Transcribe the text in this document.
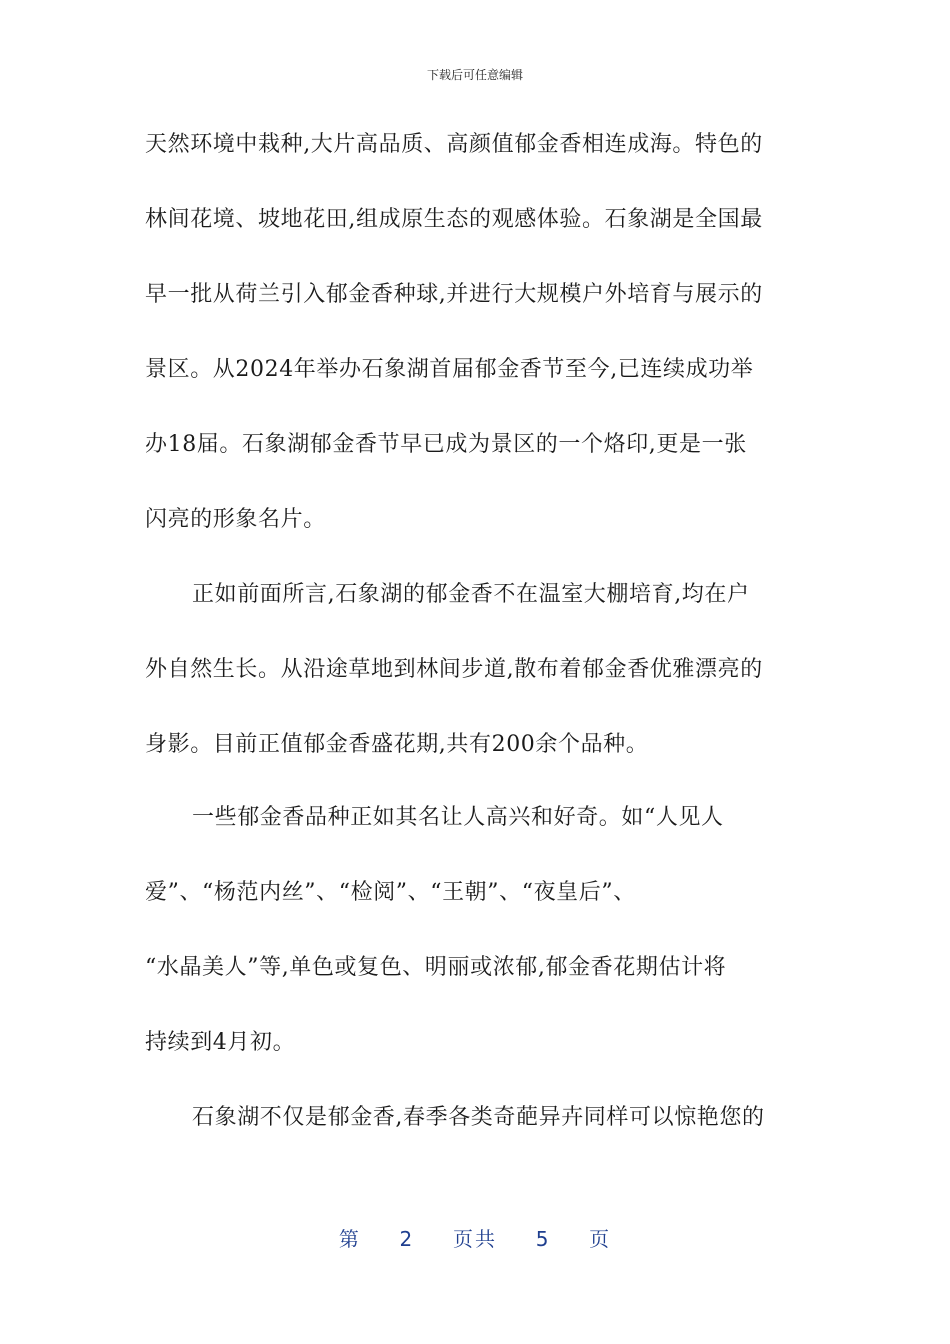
下载后可任意编辑
天然环境中栽种,大片高品质、高颜值郁金香相连成海。特色的
林间花境、坡地花田,组成原生态的观感体验。石象湖是全国最
早一批从荷兰引入郁金香种球,并进行大规模户外培育与展示的
景区。从2024年举办石象湖首届郁金香节至今,已连续成功举
办18届。石象湖郁金香节早已成为景区的一个烙印,更是一张
闪亮的形象名片。
正如前面所言,石象湖的郁金香不在温室大棚培育,均在户
外自然生长。从沿途草地到林间步道,散布着郁金香优雅漂亮的
身影。目前正值郁金香盛花期,共有200余个品种。
一些郁金香品种正如其名让人高兴和好奇。如“人见人
爱”、“杨范内丝”、“检阅”、“王朝”、“夜皇后”、
“水晶美人”等,单色或复色、明丽或浓郁,郁金香花期估计将
持续到4月初。
石象湖不仅是郁金香,春季各类奇葩异卉同样可以惊艳您的
第 2 页共 5 页
